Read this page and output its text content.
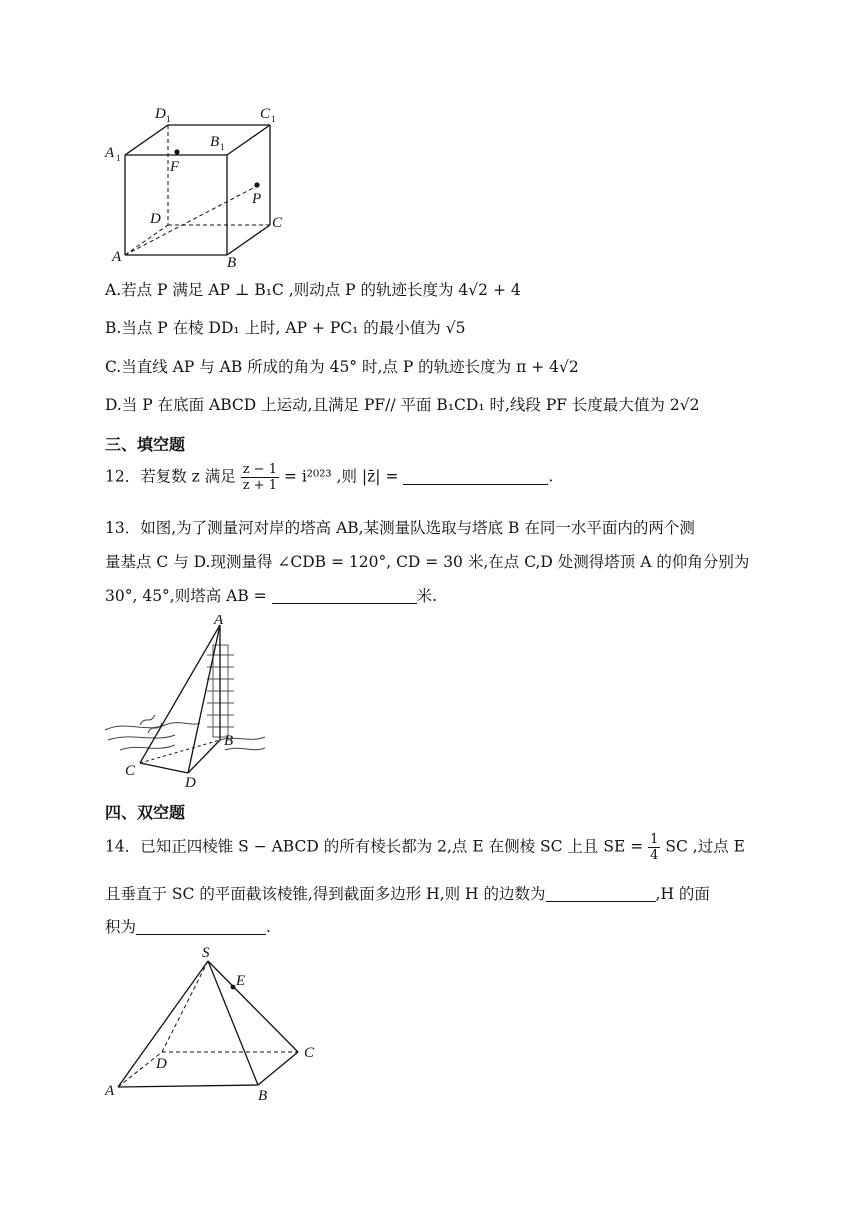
A 1
D 1
B 1
C 1
F
P
D	C
A	B
A.若点 P 满足 AP ⊥ B₁C ,则动点 P 的轨迹长度为 4√2 + 4
B.当点 P 在棱 DD₁ 上时, AP + PC₁ 的最小值为 √5
C.当直线 AP 与 AB 所成的角为 45° 时,点 P 的轨迹长度为 π + 4√2
D.当 P 在底面 ABCD 上运动,且满足 PF// 平面 B₁CD₁ 时,线段 PF 长度最大值为 2√2
三、填空题
12．若复数 z 满足 $\frac{z - 1}{z + 1} = i^{2023}$ ,则 |z̄| =	.
13．如图,为了测量河对岸的塔高 AB,某测量队选取与塔底 B 在同一水平面内的两个测
量基点 C 与 D.现测量得 ∠CDB = 120°, CD = 30 米,在点 C,D 处测得塔顶 A 的仰角分别为
30°, 45°,则塔高 AB =	米.
A
B
C
D
四、双空题
14．已知正四棱锥 S − ABCD 的所有棱长都为 2,点 E 在侧棱 SC 上且 SE = $\frac{1}{4}$ SC ,过点 E
且垂直于 SC 的平面截该棱锥,得到截面多边形 H,则 H 的边数为	,H 的面
积为	.
S
E
D
C
A	B
